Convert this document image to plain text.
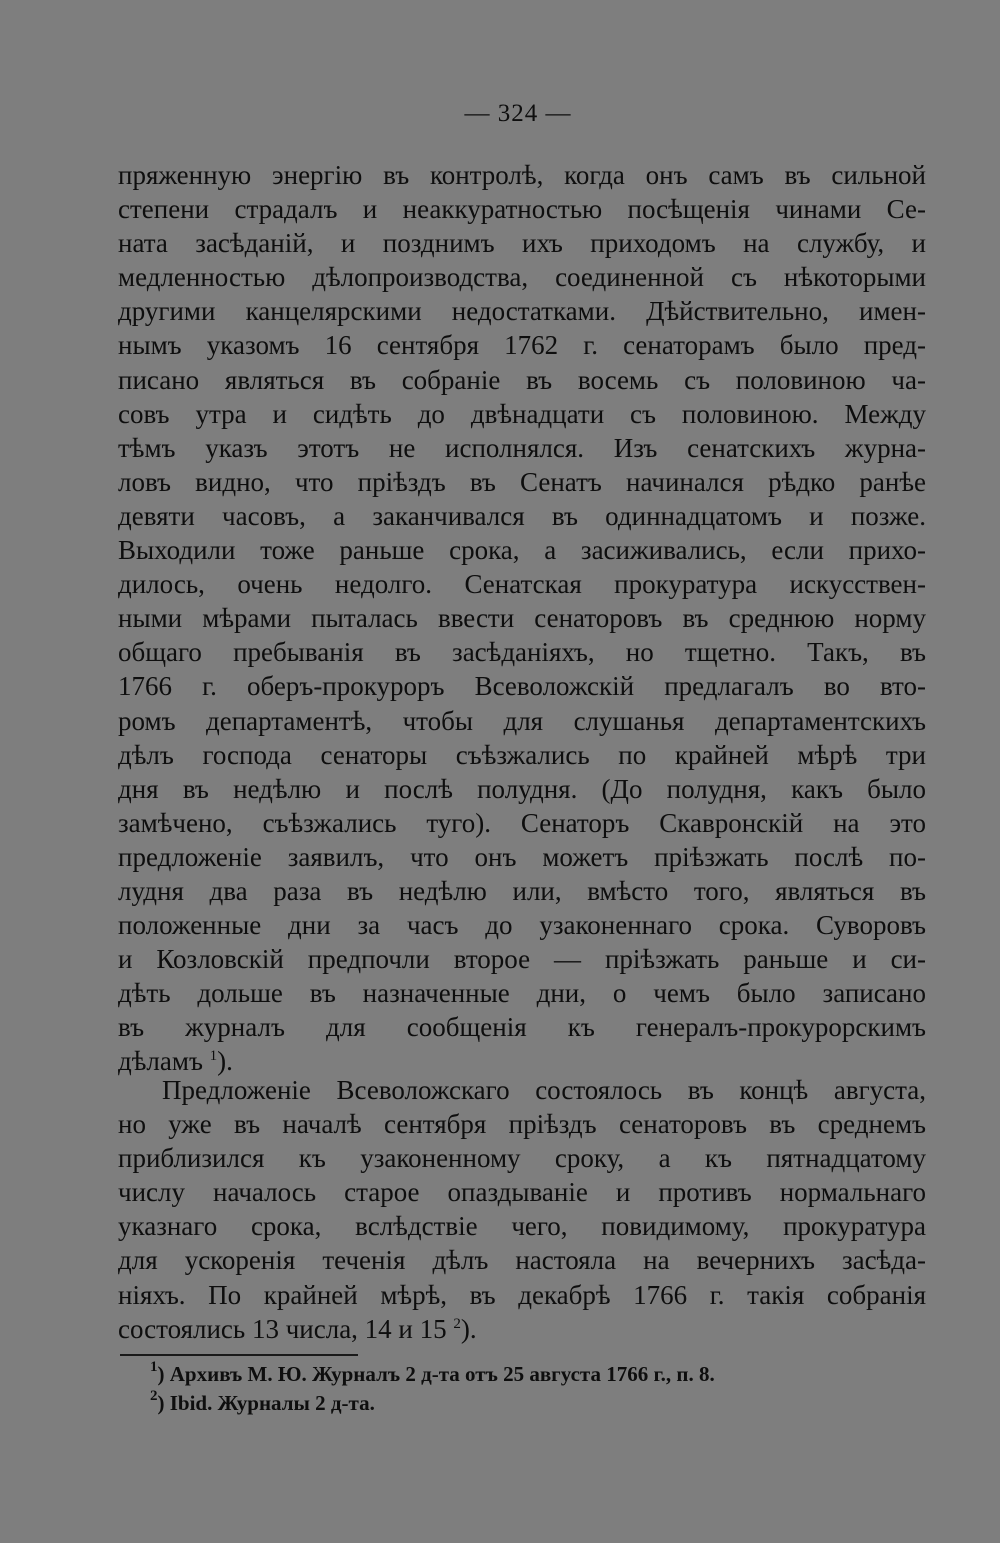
— 324 —
пряженную энергію въ контролѣ, когда онъ самъ въ сильной
степени страдалъ и неаккуратностью посѣщенія чинами Се-
ната засѣданій, и позднимъ ихъ приходомъ на службу, и
медленностью дѣлопроизводства, соединенной съ нѣкоторыми
другими канцелярскими недостатками. Дѣйствительно, имен-
нымъ указомъ 16 сентября 1762 г. сенаторамъ было пред-
писано являться въ собраніе въ восемь съ половиною ча-
совъ утра и сидѣть до двѣнадцати съ половиною. Между
тѣмъ указъ этотъ не исполнялся. Изъ сенатскихъ журна-
ловъ видно, что пріѣздъ въ Сенатъ начинался рѣдко ранѣе
девяти часовъ, а заканчивался въ одиннадцатомъ и позже.
Выходили тоже раньше срока, а засиживались, если прихо-
дилось, очень недолго. Сенатская прокуратура искусствен-
ными мѣрами пыталась ввести сенаторовъ въ среднюю норму
общаго пребыванія въ засѣданіяхъ, но тщетно. Такъ, въ
1766 г. оберъ-прокуроръ Всеволожскій предлагалъ во вто-
ромъ департаментѣ, чтобы для слушанья департаментскихъ
дѣлъ господа сенаторы съѣзжались по крайней мѣрѣ три
дня въ недѣлю и послѣ полудня. (До полудня, какъ было
замѣчено, съѣзжались туго). Сенаторъ Скавронскій на это
предложеніе заявилъ, что онъ можетъ пріѣзжать послѣ по-
лудня два раза въ недѣлю или, вмѣсто того, являться въ
положенные дни за часъ до узаконеннаго срока. Суворовъ
и Козловскій предпочли второе — пріѣзжать раньше и си-
дѣть дольше въ назначенные дни, о чемъ было записано
въ журналъ для сообщенія къ генералъ-прокурорскимъ
дѣламъ $^1$).
Предложеніе Всеволожскаго состоялось въ концѣ августа,
но уже въ началѣ сентября пріѣздъ сенаторовъ въ среднемъ
приблизился къ узаконенному сроку, а къ пятнадцатому
числу началось старое опаздываніе и противъ нормальнаго
указнаго срока, вслѣдствіе чего, повидимому, прокуратура
для ускоренія теченія дѣлъ настояла на вечернихъ засѣда-
ніяхъ. По крайней мѣрѣ, въ декабрѣ 1766 г. такія собранія
состоялись 13 числа, 14 и 15 $^2$).
$^1$) Архивъ М. Ю. Журналъ 2 д-та отъ 25 августа 1766 г., п. 8.
$^2$) Ibid. Журналы 2 д-та.
